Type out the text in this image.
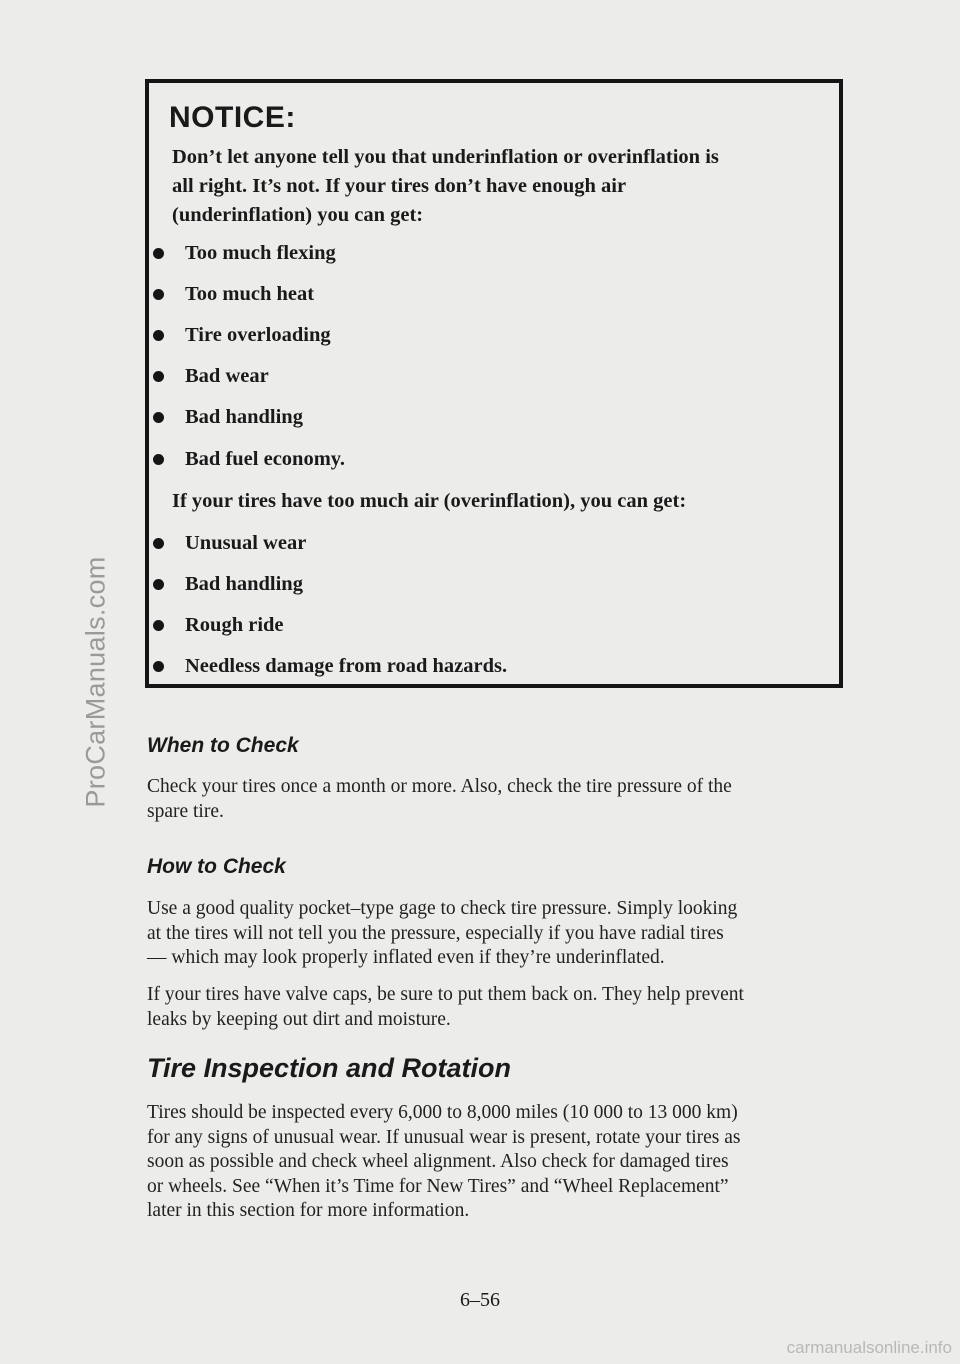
ProCarManuals.com
NOTICE:
Don’t let anyone tell you that underinflation or overinflation is
all right. It’s not. If your tires don’t have enough air
(underinflation) you can get:
Too much flexing
Too much heat
Tire overloading
Bad wear
Bad handling
Bad fuel economy.
If your tires have too much air (overinflation), you can get:
Unusual wear
Bad handling
Rough ride
Needless damage from road hazards.
When to Check
Check your tires once a month or more. Also, check the tire pressure of the
spare tire.
How to Check
Use a good quality pocket–type gage to check tire pressure. Simply looking
at the tires will not tell you the pressure, especially if you have radial tires
— which may look properly inflated even if they’re underinflated.
If your tires have valve caps, be sure to put them back on. They help prevent
leaks by keeping out dirt and moisture.
Tire Inspection and Rotation
Tires should be inspected every 6,000 to 8,000 miles (10 000 to 13 000 km)
for any signs of unusual wear. If unusual wear is present, rotate your tires as
soon as possible and check wheel alignment. Also check for damaged tires
or wheels. See “When it’s Time for New Tires” and “Wheel Replacement”
later in this section for more information.
6–56
carmanualsonline.info
